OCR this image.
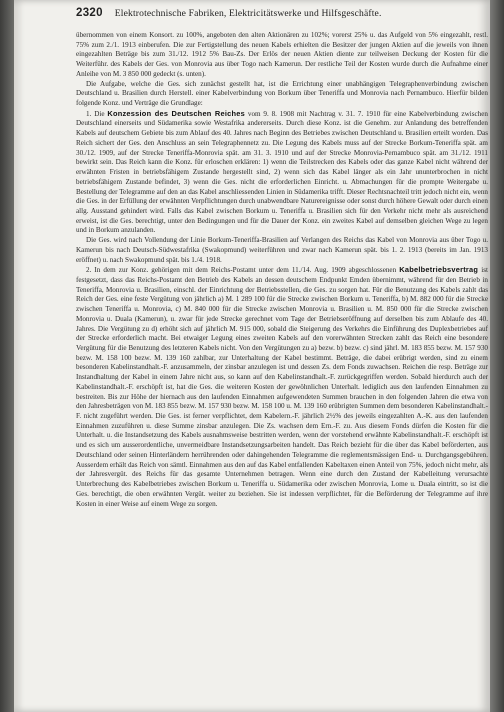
2320 Elektrotechnische Fabriken, Elektricitätswerke und Hilfsgeschäfte.

übernommen von einem Konsort. zu 100%, angeboten den alten Aktionären zu 102%; vorerst 25% u. das Aufgeld von 5% eingezahlt, restl. 75% zum 2./1. 1913 einberufen. Die zur Fertigstellung des neuen Kabels erhielten die Besitzer der jungen Aktien auf die jeweils von ihnen eingezahlten Beträge bis zum 31./12. 1912 5% Bau-Zs. Der Erlös der neuen Aktien diente zur teilweisen Deckung der Kosten für die Weiterführ. des Kabels der Ges. von Monrovia aus über Togo nach Kamerun. Der restliche Teil der Kosten wurde durch die Aufnahme einer Anleihe von M. 3 850 000 gedeckt (s. unten).

Die Aufgabe, welche die Ges. sich zunächst gestellt hat, ist die Errichtung einer unabhängigen Telegraphenverbindung zwischen Deutschland u. Brasilien durch Herstell. einer Kabelverbindung von Borkum über Teneriffa und Monrovia nach Pernambuco. Hierfür bilden folgende Konz. und Verträge die Grundlage:

1. Die Konzession des Deutschen Reiches vom 9. 8. 1908 mit Nachtrag v. 31. 7. 1910 für eine Kabelverbindung zwischen Deutschland einerseits und Südamerika sowie Westafrika andererseits. Durch diese Konz. ist die Genehm. zur Anlandung des betreffenden Kabels auf deutschem Gebiete bis zum Ablauf des 40. Jahres nach Beginn des Betriebes zwischen Deutschland u. Brasilien erteilt worden. Das Reich sichert der Ges. den Anschluss an sein Telegraphennetz zu. Die Legung des Kabels muss auf der Strecke Borkum-Teneriffa spät. am 30./12. 1909, auf der Strecke Teneriffa-Monrovia spät. am 31. 3. 1910 und auf der Strecke Monrovia-Pernambuco spät. am 31./12. 1911 bewirkt sein. Das Reich kann die Konz. für erloschen erklären: 1) wenn die Teilstrecken des Kabels oder das ganze Kabel nicht während der erwähnten Fristen in betriebsfähigem Zustande hergestellt sind, 2) wenn sich das Kabel länger als ein Jahr ununterbrochen in nicht betriebsfähigem Zustande befindet, 3) wenn die Ges. nicht die erforderlichen Einricht. u. Abmachungen für die prompte Weitergabe u. Bestellung der Telegramme auf den an das Kabel anschliessenden Linien in Südamerika trifft. Dieser Rechtsnachteil tritt jedoch nicht ein, wenn die Ges. in der Erfüllung der erwähnten Verpflichtungen durch unabwendbare Naturereignisse oder sonst durch höhere Gewalt oder durch einen allg. Ausstand gehindert wird. Falls das Kabel zwischen Borkum u. Teneriffa u. Brasilien sich für den Verkehr nicht mehr als ausreichend erweist, ist die Ges. berechtigt, unter den Bedingungen und für die Dauer der Konz. ein zweites Kabel auf demselben gleichen Wege zu legen und in Borkum anzulanden.

Die Ges. wird nach Vollendung der Linie Borkum-Teneriffa-Brasilien auf Verlangen des Reichs das Kabel von Monrovia aus über Togo u. Kamerun bis nach Deutsch-Südwestafrika (Swakopmund) weiterführen und zwar nach Kamerun spät. bis 1. 2. 1913 (bereits im Jan. 1913 eröffnet) u. nach Swakopmund spät. bis 1./4. 1918.

2. In dem zur Konz. gehörigen mit dem Reichs-Postamt unter dem 11./14. Aug. 1909 abgeschlossenen Kabelbetriebsvertrag ist festgesetzt, dass das Reichs-Postamt den Betrieb des Kabels an dessen deutschem Endpunkt Emden übernimmt, während für den Betrieb in Teneriffa, Monrovia u. Brasilien, einschl. der Einrichtung der Betriebsstellen, die Ges. zu sorgen hat. Für die Benutzung des Kabels zahlt das Reich der Ges. eine feste Vergütung von jährlich a) M. 1 289 100 für die Strecke zwischen Borkum u. Teneriffa, b) M. 882 000 für die Strecke zwischen Teneriffa u. Monrovia, c) M. 840 000 für die Strecke zwischen Monrovia u. Brasilien u. M. 850 000 für die Strecke zwischen Monrovia u. Duala (Kamerun), u. zwar für jede Strecke gerechnet vom Tage der Betriebseröffnung auf derselben bis zum Ablaufe des 40. Jahres. Die Vergütung zu d) erhöht sich auf jährlich M. 915 000, sobald die Steigerung des Verkehrs die Einführung des Duplexbetriebes auf der Strecke erforderlich macht. Bei etwaiger Legung eines zweiten Kabels auf den vorerwähnten Strecken zahlt das Reich eine besondere Vergütung für die Benutzung des letzteren Kabels nicht. Von den Vergütungen zu a) bezw. b) bezw. c) sind jährl. M. 183 855 bezw. M. 157 930 bezw. M. 158 100 bezw. M. 139 160 zahlbar, zur Unterhaltung der Kabel bestimmt. Beträge, die dabei erübrigt werden, sind zu einem besonderen Kabelinstandhalt.-F. anzusammeln, der zinsbar anzulegen ist und dessen Zs. dem Fonds zuwachsen. Reichen die resp. Beträge zur Instandhaltung der Kabel in einem Jahre nicht aus, so kann auf den Kabelinstandhalt.-F. zurückgegriffen werden. Sobald hierdurch auch der Kabelinstandhalt.-F. erschöpft ist, hat die Ges. die weiteren Kosten der gewöhnlichen Unterhalt. lediglich aus den laufenden Einnahmen zu bestreiten. Bis zur Höhe der hiernach aus den laufenden Einnahmen aufgewendeten Summen brauchen in den folgenden Jahren die etwa von den Jahresbeträgen von M. 183 855 bezw. M. 157 930 bezw. M. 158 100 u. M. 139 160 erübrigten Summen dem besonderen Kabelinstandhalt.-F. nicht zugeführt werden. Die Ges. ist ferner verpflichtet, dem Kabelern.-F. jährlich 2½% des jeweils eingezahlten A.-K. aus den laufenden Einnahmen zuzuführen u. diese Summe zinsbar anzulegen. Die Zs. wachsen dem Ern.-F. zu. Aus diesem Fonds dürfen die Kosten für die Unterhalt. u. die Instandsetzung des Kabels ausnahmsweise bestritten werden, wenn der vorstehend erwähnte Kabelinstandhalt.-F. erschöpft ist und es sich um ausserordentliche, unvermeidbare Instandsetzungsarbeiten handelt. Das Reich bezieht für die über das Kabel beförderten, aus Deutschland oder seinen Hinterländern herrührenden oder dahingehenden Telegramme die reglementsmässigen End- u. Durchgangsgebühren. Ausserdem erhält das Reich von sämtl. Einnahmen aus den auf das Kabel entfallenden Kabeltaxen einen Anteil von 75%, jedoch nicht mehr, als der Jahresvergüt. des Reichs für das gesamte Unternehmen betragen. Wenn eine durch den Zustand der Kabelleitung verursachte Unterbrechung des Kabelbetriebes zwischen Borkum u. Teneriffa u. Südamerika oder zwischen Monrovia, Lome u. Duala eintritt, so ist die Ges. berechtigt, die oben erwähnten Vergüt. weiter zu beziehen. Sie ist indessen verpflichtet, für die Beförderung der Telegramme auf ihre Kosten in einer Weise auf einem Wege zu sorgen.
